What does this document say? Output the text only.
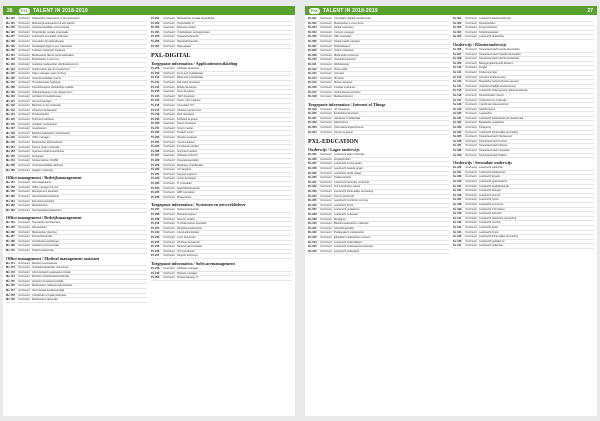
26	PXL TALENT IN 2018-2019
Mo 123	Voorbeeld Zelfstandig ondernemer in de bouwsector
Mo 124	Voorbeeld Marketingmedewerker bij een startup
Mo 125	Voorbeeld Verantwoordelijke communicatie
Mo 126	Voorbeeld Projectleider sociale organisatie
Mo 127	Voorbeeld Leerkracht secundair onderwijs
Mo 128	Voorbeeld Consultant bij adviesbureau
Mo 129	Voorbeeld Verpleegkundige in een ziekenhuis
Mo 130	Voorbeeld Grafisch ontwerper freelance
Mo 131	Voorbeeld Medewerker dienst personeelszaken
Mo 132	Voorbeeld Boekhouder in een kmo
Mo 133	Voorbeeld Logistiek medewerker distributiecentrum
Mo 134	Voorbeeld Onderzoeker aan de hogeschool
Mo 135	Voorbeeld Sales manager regio Limburg
Mo 136	Voorbeeld Verantwoordelijke events
Mo 137	Voorbeeld IT-medewerker helpdesk
Mo 138	Voorbeeld Kinesitherapeut zelfstandige praktijk
Mo 139	Voorbeeld Orthopedagoog in een dagcentrum
Mo 140	Voorbeeld Architect bij studiebureau
Mo 141	Voorbeeld Accountmanager
Mo 142	Voorbeeld Bachelor in het onderwijs
Mo 143	Voorbeeld Verkoopsmedewerker
Mo 144	Voorbeeld Productieleider
Mo 145	Voorbeeld Technisch adviseur
Mo 146	Voorbeeld Juridisch medewerker
Mo 147	Voorbeeld Jeugdwerker
Mo 148	Voorbeeld Beleidsmedewerker stad Hasselt
Mo 149	Voorbeeld Office manager
Mo 150	Voorbeeld Medewerker klantendienst
Mo 151	Voorbeeld Docent hoger onderwijs
Mo 152	Voorbeeld Ingenieur elektromechanica
Mo 153	Voorbeeld Fotograaf
Mo 154	Voorbeeld Sociaal werker OCMW
Mo 155	Voorbeeld Verantwoordelijke aankoop
Mo 156	Voorbeeld Stagiair marketing
Office management / Bedrijfsmanagement
Mo 157	Voorbeeld Directieassistent
Mo 158	Voorbeeld Office manager bij vzw
Mo 159	Voorbeeld Management assistant
Mo 160	Voorbeeld Administratief bediende
Mo 161	Voorbeeld Executive assistant
Mo 162	Voorbeeld Receptioniste
Mo 163	Voorbeeld Secretariaatsmedewerker
Office management / Bedrijfsmanagement
Mo 164	Voorbeeld Teamleider administratie
Mo 165	Voorbeeld HR-assistent
Mo 166	Voorbeeld Medewerker planning
Mo 167	Voorbeeld Dossierbeheerder
Mo 168	Voorbeeld Coördinator opleidingen
Mo 169	Voorbeeld Assistent communicatie
Mo 170	Voorbeeld Projectmedewerker
Office management / Medical management assistant
Mo 171	Voorbeeld Medisch secretaresse
Mo 172	Voorbeeld Onthaalmedewerker ziekenhuis
Mo 173	Voorbeeld Administratief medewerker kliniek
Mo 174	Voorbeeld Medisch administratief bediende
Mo 175	Voorbeeld Assistent huisartsenpraktijk
Mo 176	Voorbeeld Medewerker patiëntenadministratie
Mo 177	Voorbeeld Secretariaat tandartspraktijk
Mo 178	Voorbeeld Coördinator zorgadministratie
Mo 179	Voorbeeld Medewerker facturatie
Po 201	Voorbeeld Medewerker sociaal secretariaat
Po 202	Voorbeeld Projectleider IT
Po 203	Voorbeeld Business analist
Po 204	Voorbeeld Ontwikkelaar webapplicaties
Po 205	Voorbeeld Systeembeheerder
Po 206	Voorbeeld Netwerkbeheerder
Po 207	Voorbeeld Data-analist
PXL-DIGITAL
Toegepaste informatica / Applicatieontwikkeling
Po 208	Voorbeeld Software developer
Po 209	Voorbeeld Front-end ontwikkelaar
Po 210	Voorbeeld Back-end ontwikkelaar
Po 211	Voorbeeld Full-stack developer
Po 212	Voorbeeld Mobile developer
Po 213	Voorbeeld Java developer
Po 214	Voorbeeld .NET developer
Po 215	Voorbeeld Tester / QA engineer
Po 216	Voorbeeld Consultant ICT
Po 217	Voorbeeld Analist-programmeur
Po 218	Voorbeeld Web developer
Po 219	Voorbeeld Software engineer
Po 220	Voorbeeld Game developer
Po 221	Voorbeeld Scrum master
Po 222	Voorbeeld Product owner
Po 223	Voorbeeld DevOps engineer
Po 224	Voorbeeld Cloud engineer
Po 225	Voorbeeld Functioneel analist
Po 226	Voorbeeld Technisch analist
Po 227	Voorbeeld Software architect
Po 228	Voorbeeld Integratiespecialist
Po 229	Voorbeeld Database ontwikkelaar
Po 230	Voorbeeld UX designer
Po 231	Voorbeeld Support engineer
Po 232	Voorbeeld Junior developer
Po 233	Voorbeeld IT consultant
Po 234	Voorbeeld Applicatiebeheerder
Po 235	Voorbeeld ERP consultant
Po 236	Voorbeeld BI developer
Toegepaste informatica / Systemen en netwerkbeheer
Po 237	Voorbeeld Systeembeheerder
Po 238	Voorbeeld Netwerkengineer
Po 239	Voorbeeld Security analist
Po 240	Voorbeeld IT infrastructuur specialist
Po 241	Voorbeeld Helpdeskmedewerker
Po 242	Voorbeeld Cloud administrator
Po 243	Voorbeeld Linux beheerder
Po 244	Voorbeeld Windows beheerder
Po 245	Voorbeeld Network administrator
Po 246	Voorbeeld ICT-coördinator
Po 247	Voorbeeld Support technicus
Toegepaste informatica / Softwaremanagement
Po 248	Voorbeeld Software manager
Po 249	Voorbeeld Release manager
Po 250	Voorbeeld Projectmanager IT
PXL TALENT IN 2018-2019	27
Ro 301	Voorbeeld Consultant digitale transformatie
Ro 302	Voorbeeld Medewerker e-commerce
Ro 303	Voorbeeld Digital marketeer
Ro 304	Voorbeeld Content manager
Ro 305	Voorbeeld SEO specialist
Ro 306	Voorbeeld Social media manager
Ro 307	Voorbeeld Webredacteur
Ro 308	Voorbeeld Online marketeer
Ro 309	Voorbeeld Multimedia ontwerper
Ro 310	Voorbeeld Interactieontwerper
Ro 311	Voorbeeld Webdesigner
Ro 312	Voorbeeld Video-editor
Ro 313	Voorbeeld Animator
Ro 314	Voorbeeld 3D artist
Ro 315	Voorbeeld Motion designer
Ro 316	Voorbeeld Creatief producent
Ro 317	Voorbeeld Audiovisueel technicus
Ro 318	Voorbeeld Mediaproducent
Toegepaste informatica / Internet of Things
Ro 319	Voorbeeld IoT developer
Ro 320	Voorbeeld Embedded developer
Ro 321	Voorbeeld Hardware ontwikkelaar
Ro 322	Voorbeeld Elektronicus
Ro 323	Voorbeeld Automatiseringstechnicus
Ro 324	Voorbeeld Sensor engineer
PXL-EDUCATION
Onderwijs / Lager onderwijs
Ro 325	Voorbeeld Leerkracht lager onderwijs
Ro 326	Voorbeeld Zorgleerkracht
Ro 327	Voorbeeld Leerkracht eerste graad
Ro 328	Voorbeeld Leerkracht tweede graad
Ro 329	Voorbeeld Leerkracht derde graad
Ro 330	Voorbeeld Taakleerkracht
Ro 331	Voorbeeld Leerkracht bijzonder onderwijs
Ro 332	Voorbeeld ICT-coördinator school
Ro 333	Voorbeeld Leerkracht lichamelijke opvoeding
Ro 334	Voorbeeld Interim leerkracht
Ro 335	Voorbeeld Leerkracht muzische vorming
Ro 336	Voorbeeld Leerkracht Frans
Ro 337	Voorbeeld Leerkracht godsdienst
Ro 338	Voorbeeld Leerkracht zedenleer
Ro 339	Voorbeeld Brugfiguur
Ro 340	Voorbeeld Beleidsmedewerker onderwijs
Ro 341	Voorbeeld Schoolbegeleider
Ro 342	Voorbeeld Pedagogisch medewerker
Ro 343	Voorbeeld Educatief medewerker museum
Ro 344	Voorbeeld Leerkracht anderstaligen
Ro 345	Voorbeeld Leerkracht volwassenenonderwijs
Ro 346	Voorbeeld Leerkracht buitenland
So 401	Voorbeeld Leerkracht kleuteronderwijs
So 402	Voorbeeld Kleuterleidster
So 403	Voorbeeld Zorgcoördinator
So 404	Voorbeeld Kinderbegeleider
So 405	Voorbeeld Leerkracht peuterklas
Onderwijs / Kleuteronderwijs
So 406	Voorbeeld Kleuterleerkracht eerste kleuterklas
So 407	Voorbeeld Kleuterleerkracht tweede kleuterklas
So 408	Voorbeeld Kleuterleerkracht derde kleuterklas
So 409	Voorbeeld Bewegingsleerkracht kleuters
So 410	Voorbeeld Zorgjuf
So 411	Voorbeeld Kinderverzorger
So 412	Voorbeeld Animator kinderopvang
So 413	Voorbeeld Begeleider buitenschoolse opvang
So 414	Voorbeeld Verantwoordelijke kinderopvang
So 415	Voorbeeld Leerkracht buitengewoon kleuteronderwijs
So 416	Voorbeeld Kleuterleidster interim
So 417	Voorbeeld Ondersteuner onderwijs
So 418	Voorbeeld Coördinator kleuterschool
So 419	Voorbeeld Speltherapeut
So 420	Voorbeeld Logopedist
So 421	Voorbeeld Leerkracht Nederlands als tweede taal
So 422	Voorbeeld Begeleider jeugdwerk
So 423	Voorbeeld Pedagoog
So 424	Voorbeeld Leerkracht lichamelijke opvoeding
So 425	Voorbeeld Kleuterleerkracht Montessori
So 426	Voorbeeld Kleuterleerkracht Freinet
So 427	Voorbeeld Kleuterleerkracht Steiner
So 428	Voorbeeld Kleuterleerkracht Jenaplan
So 429	Voorbeeld Kleuterleerkracht Dalton
Onderwijs / Secundair onderwijs
So 430	Voorbeeld Leerkracht wiskunde
So 431	Voorbeeld Leerkracht Nederlands
So 432	Voorbeeld Leerkracht Engels
So 433	Voorbeeld Leerkracht geschiedenis
So 434	Voorbeeld Leerkracht aardrijkskunde
So 435	Voorbeeld Leerkracht biologie
So 436	Voorbeeld Leerkracht chemie
So 437	Voorbeeld Leerkracht fysica
So 438	Voorbeeld Leerkracht economie
So 439	Voorbeeld Leerkracht informatica
So 440	Voorbeeld Leerkracht techniek
So 441	Voorbeeld Leerkracht plastische opvoeding
So 442	Voorbeeld Leerkracht muziek
So 443	Voorbeeld Leerkracht Duits
So 444	Voorbeeld Leerkracht Frans
So 445	Voorbeeld Leerkracht lichamelijke opvoeding
So 446	Voorbeeld Leerkracht godsdienst
So 447	Voorbeeld Leerkracht zedenleer
